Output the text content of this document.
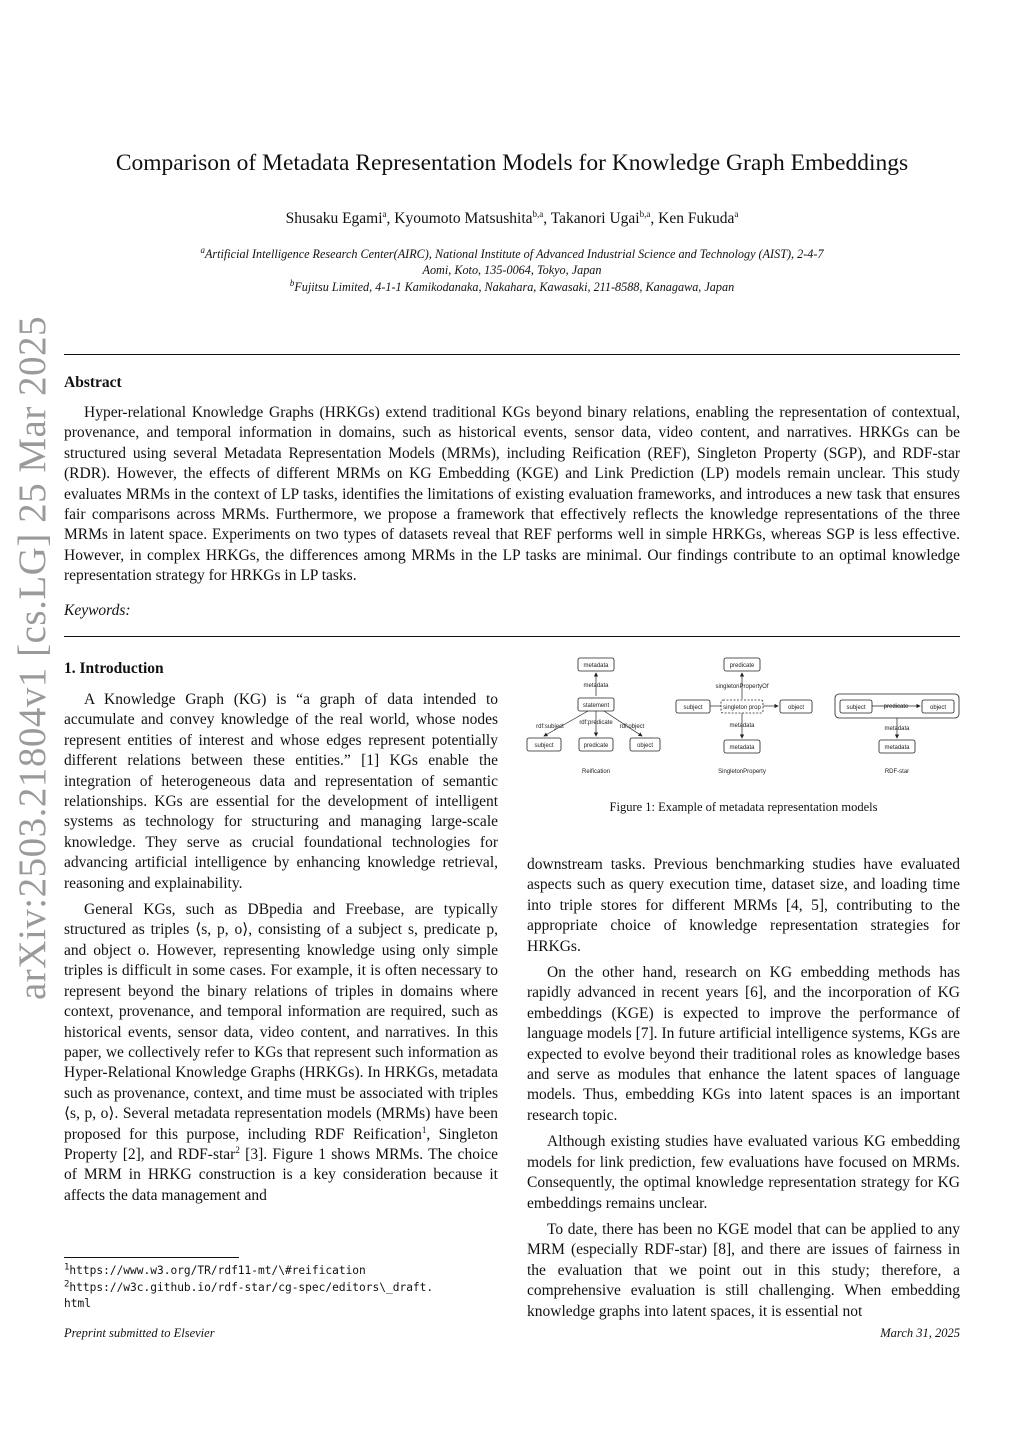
arXiv:2503.21804v1 [cs.LG] 25 Mar 2025
Comparison of Metadata Representation Models for Knowledge Graph Embeddings
Shusaku Egami$^a$, Kyoumoto Matsushita$^{b,a}$, Takanori Ugai$^{b,a}$, Ken Fukuda$^a$
$^a$Artificial Intelligence Research Center(AIRC), National Institute of Advanced Industrial Science and Technology (AIST), 2-4-7
Aomi, Koto, 135-0064, Tokyo, Japan
$^b$Fujitsu Limited, 4-1-1 Kamikodanaka, Nakahara, Kawasaki, 211-8588, Kanagawa, Japan
Abstract
Hyper-relational Knowledge Graphs (HRKGs) extend traditional KGs beyond binary relations, enabling the representation of contextual, provenance, and temporal information in domains, such as historical events, sensor data, video content, and narratives. HRKGs can be structured using several Metadata Representation Models (MRMs), including Reification (REF), Singleton Property (SGP), and RDF-star (RDR). However, the effects of different MRMs on KG Embedding (KGE) and Link Prediction (LP) models remain unclear. This study evaluates MRMs in the context of LP tasks, identifies the limitations of existing evaluation frameworks, and introduces a new task that ensures fair comparisons across MRMs. Furthermore, we propose a framework that effectively reflects the knowledge representations of the three MRMs in latent space. Experiments on two types of datasets reveal that REF performs well in simple HRKGs, whereas SGP is less effective. However, in complex HRKGs, the differences among MRMs in the LP tasks are minimal. Our findings contribute to an optimal knowledge representation strategy for HRKGs in LP tasks.
Keywords:
1. Introduction

A Knowledge Graph (KG) is “a graph of data intended to accumulate and convey knowledge of the real world, whose nodes represent entities of interest and whose edges represent potentially different relations between these entities.” [1] KGs enable the integration of heterogeneous data and representation of semantic relationships. KGs are essential for the development of intelligent systems as technology for structuring and managing large-scale knowledge. They serve as crucial foundational technologies for advancing artificial intelligence by enhancing knowledge retrieval, reasoning and explainability.

General KGs, such as DBpedia and Freebase, are typically structured as triples ⟨s, p, o⟩, consisting of a subject s, predicate p, and object o. However, representing knowledge using only simple triples is difficult in some cases. For example, it is often necessary to represent beyond the binary relations of triples in domains where context, provenance, and temporal information are required, such as historical events, sensor data, video content, and narratives. In this paper, we collectively refer to KGs that represent such information as Hyper-Relational Knowledge Graphs (HRKGs). In HRKGs, metadata such as provenance, context, and time must be associated with triples ⟨s, p, o⟩. Several metadata representation models (MRMs) have been proposed for this purpose, including RDF Reification$^1$, Singleton Property [2], and RDF-star$^2$ [3]. Figure 1 shows MRMs. The choice of MRM in HRKG construction is a key consideration because it affects the data management and

$^1$https://www.w3.org/TR/rdf11-mt/\#reification
$^2$https://w3c.github.io/rdf-star/cg-spec/editors\_draft.
html
metadata
metadata
statement
rdf:subject
rdf:predicate
rdf:object
subject	predicate	object
Reification
predicate
singletonPropertyOf
subject	singleton prop	object
metadata
metadata
SingletonProperty
subject	predicate	object
metadata
metadata
RDF-star
Figure 1: Example of metadata representation models

downstream tasks. Previous benchmarking studies have evaluated aspects such as query execution time, dataset size, and loading time into triple stores for different MRMs [4, 5], contributing to the appropriate choice of knowledge representation strategies for HRKGs.

On the other hand, research on KG embedding methods has rapidly advanced in recent years [6], and the incorporation of KG embeddings (KGE) is expected to improve the performance of language models [7]. In future artificial intelligence systems, KGs are expected to evolve beyond their traditional roles as knowledge bases and serve as modules that enhance the latent spaces of language models. Thus, embedding KGs into latent spaces is an important research topic.

Although existing studies have evaluated various KG embedding models for link prediction, few evaluations have focused on MRMs. Consequently, the optimal knowledge representation strategy for KG embeddings remains unclear.

To date, there has been no KGE model that can be applied to any MRM (especially RDF-star) [8], and there are issues of fairness in the evaluation that we point out in this study; therefore, a comprehensive evaluation is still challenging. When embedding knowledge graphs into latent spaces, it is essential not

Preprint submitted to Elsevier	March 31, 2025
